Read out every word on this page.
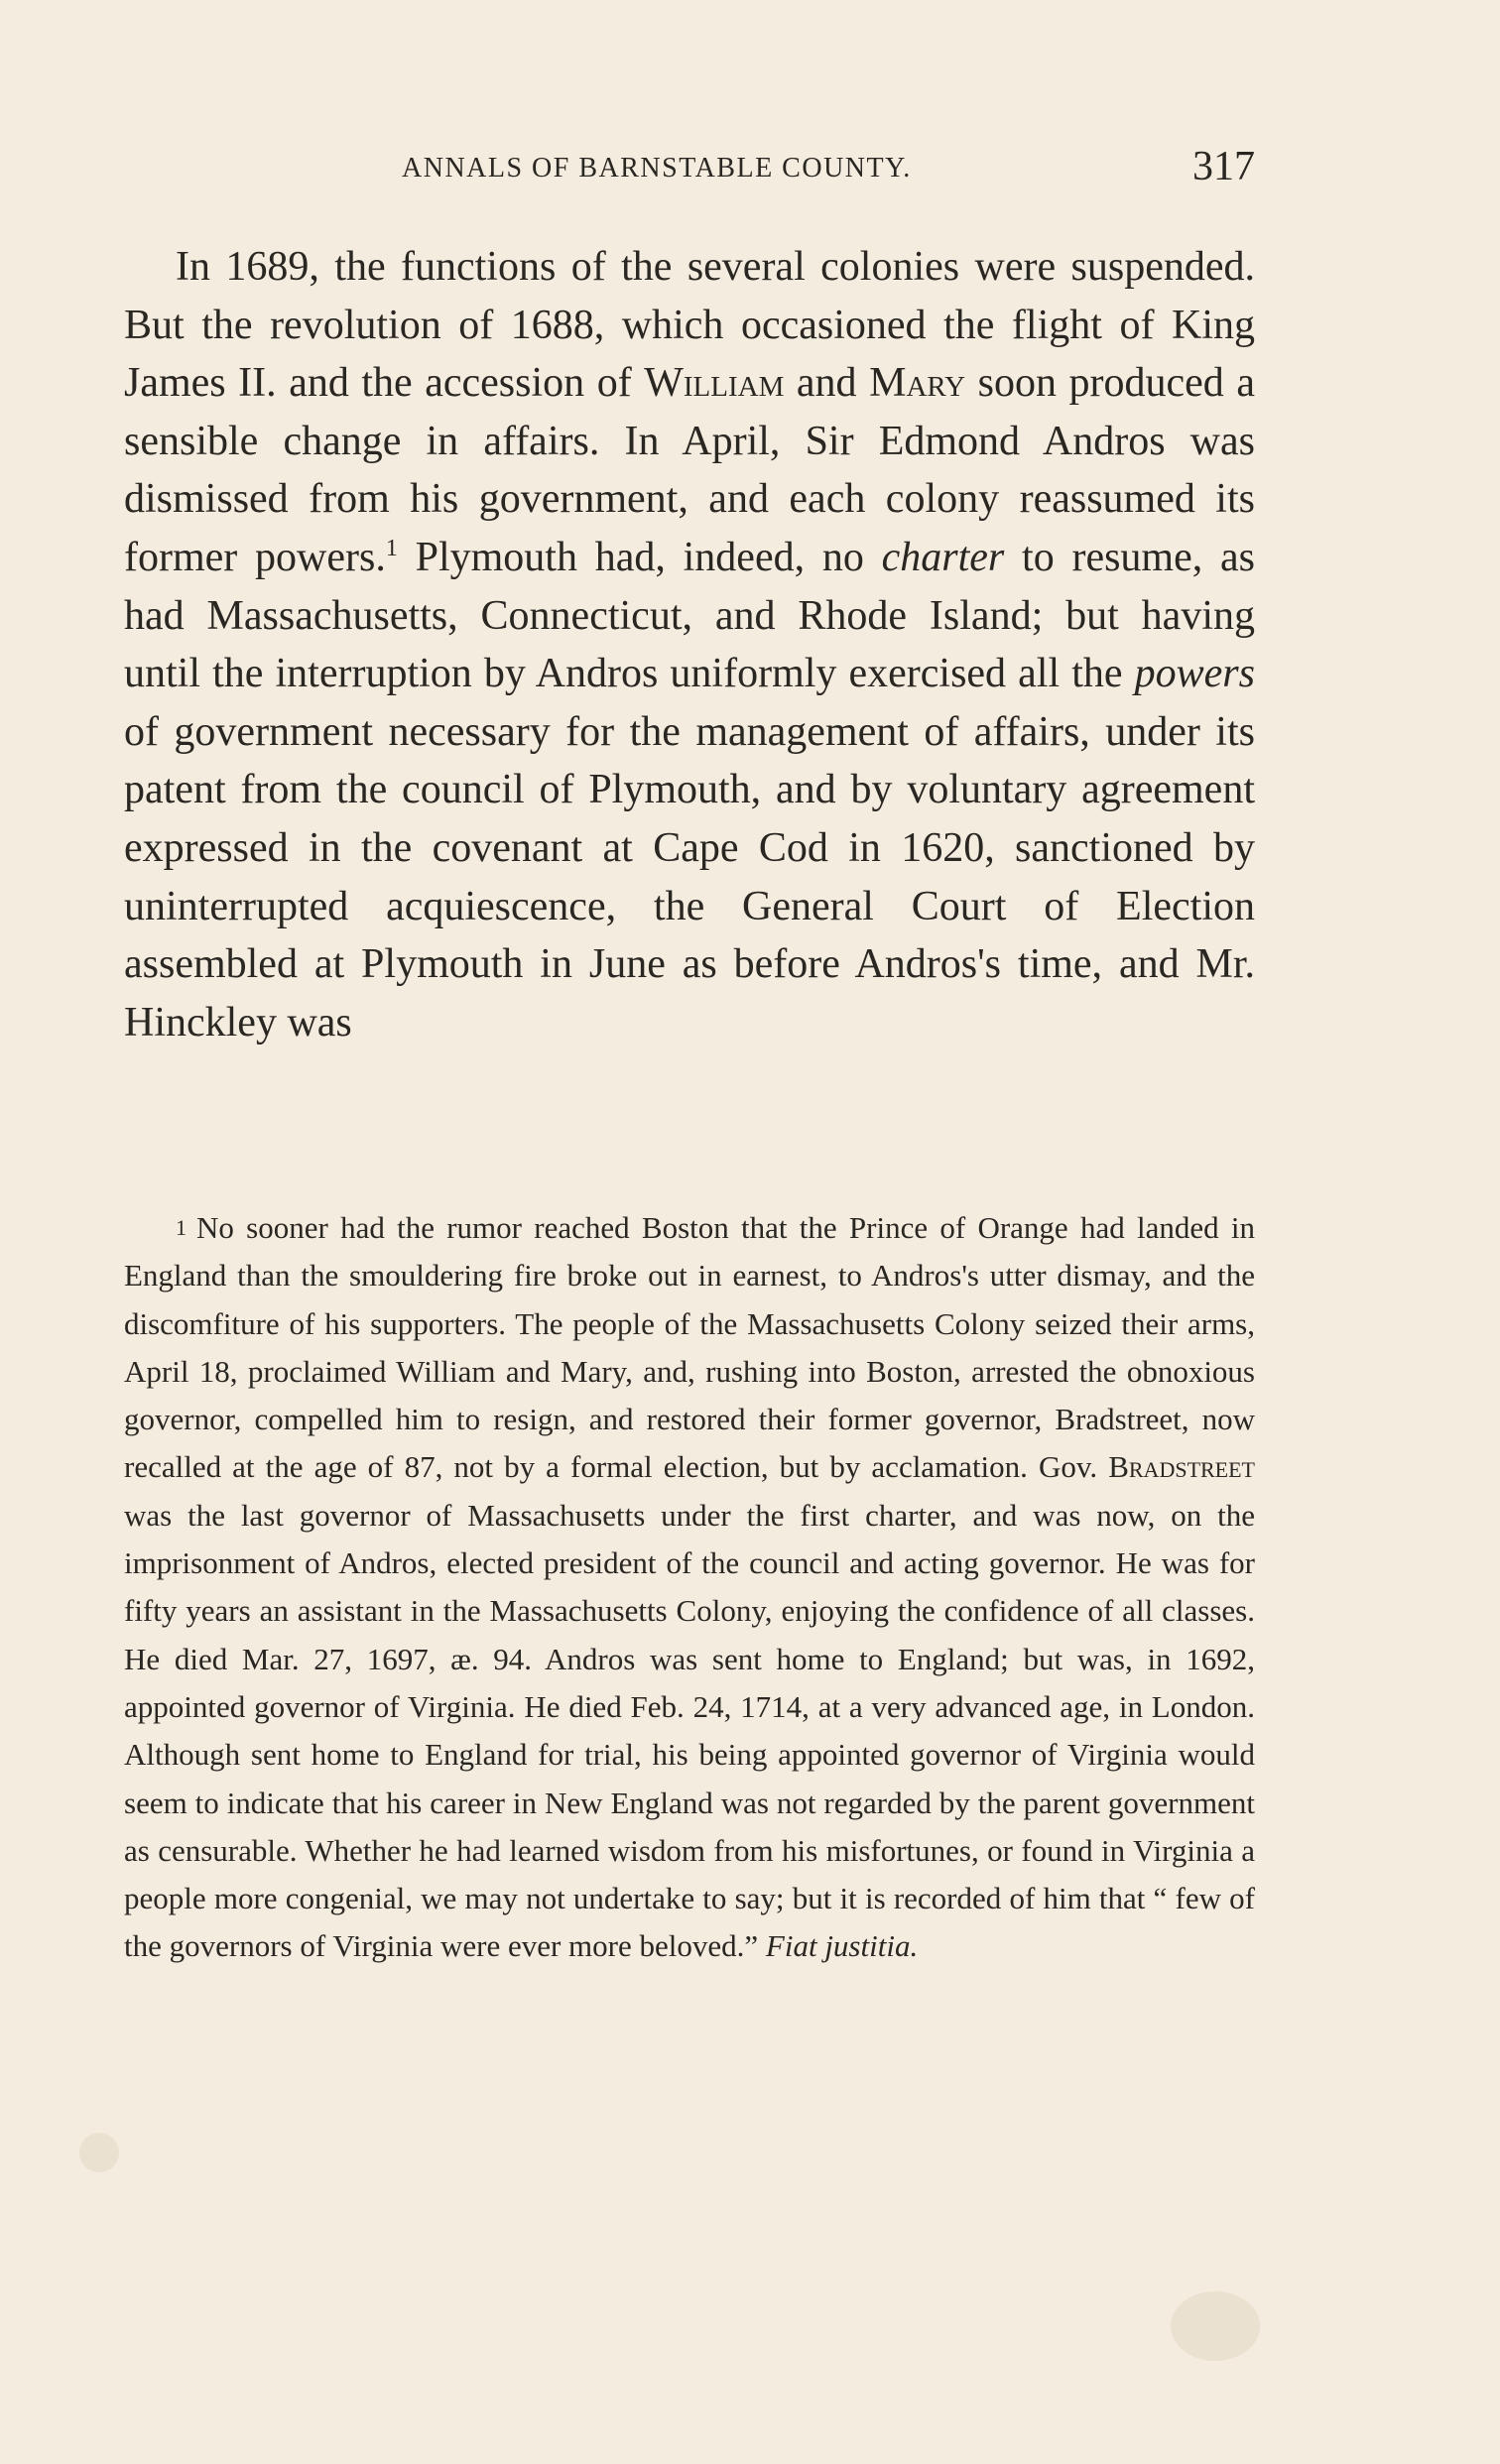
ANNALS OF BARNSTABLE COUNTY.	317

In 1689, the functions of the several colonies were suspended. But the revolution of 1688, which occasioned the flight of King James II. and the accession of William and Mary soon produced a sensible change in affairs. In April, Sir Edmond Andros was dismissed from his government, and each colony reassumed its former powers.$^1$ Plymouth had, indeed, no charter to resume, as had Massachusetts, Connecticut, and Rhode Island; but having until the interruption by Andros uniformly exercised all the powers of government necessary for the management of affairs, under its patent from the council of Plymouth, and by voluntary agreement expressed in the covenant at Cape Cod in 1620, sanctioned by uninterrupted acquiescence, the General Court of Election assembled at Plymouth in June as before Andros's time, and Mr. Hinckley was

1 No sooner had the rumor reached Boston that the Prince of Orange had landed in England than the smouldering fire broke out in earnest, to Andros's utter dismay, and the discomfiture of his supporters. The people of the Massachusetts Colony seized their arms, April 18, proclaimed William and Mary, and, rushing into Boston, arrested the obnoxious governor, compelled him to resign, and restored their former governor, Bradstreet, now recalled at the age of 87, not by a formal election, but by acclamation. Gov. Bradstreet was the last governor of Massachusetts under the first charter, and was now, on the imprisonment of Andros, elected president of the council and acting governor. He was for fifty years an assistant in the Massachusetts Colony, enjoying the confidence of all classes. He died Mar. 27, 1697, æ. 94. Andros was sent home to England; but was, in 1692, appointed governor of Virginia. He died Feb. 24, 1714, at a very advanced age, in London. Although sent home to England for trial, his being appointed governor of Virginia would seem to indicate that his career in New England was not regarded by the parent government as censurable. Whether he had learned wisdom from his misfortunes, or found in Virginia a people more congenial, we may not undertake to say; but it is recorded of him that “ few of the governors of Virginia were ever more beloved.” Fiat justitia.
